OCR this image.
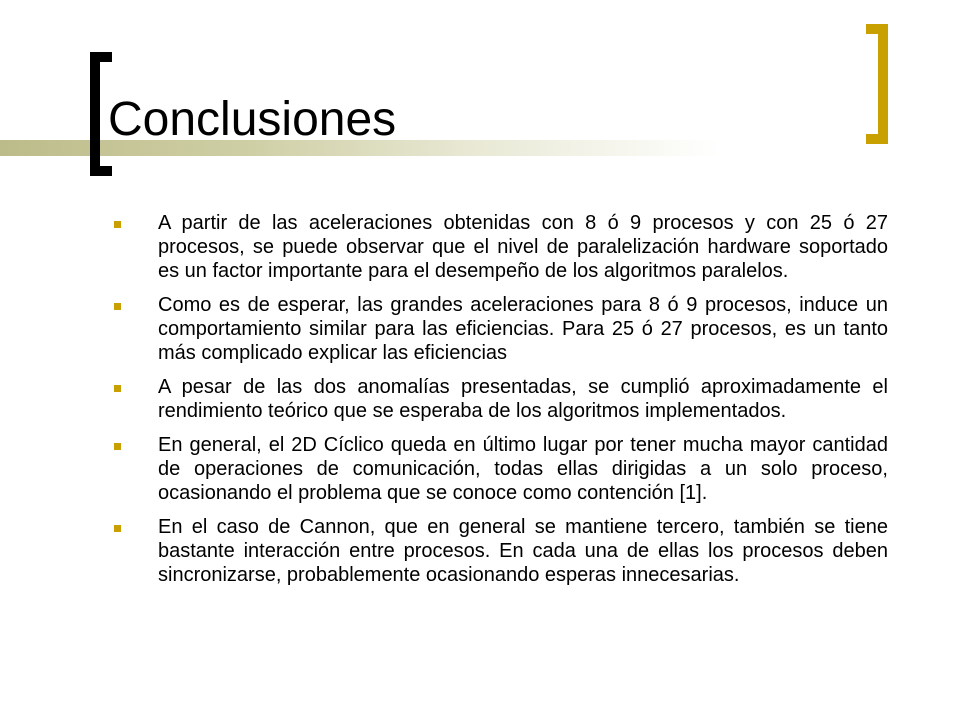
Conclusiones
A partir de las aceleraciones obtenidas con 8 ó 9 procesos y con 25 ó 27 procesos, se puede observar que el nivel de paralelización hardware soportado es un factor importante para el desempeño de los algoritmos paralelos.
Como es de esperar, las grandes aceleraciones para 8 ó 9 procesos, induce un comportamiento similar para las eficiencias. Para 25 ó 27 procesos, es un tanto más complicado explicar las eficiencias
A pesar de las dos anomalías presentadas, se cumplió aproximadamente el rendimiento teórico que se esperaba de los algoritmos implementados.
En general, el 2D Cíclico queda en último lugar por tener mucha mayor cantidad de operaciones de comunicación, todas ellas dirigidas a un solo proceso, ocasionando el problema que se conoce como contención [1].
En el caso de Cannon, que en general se mantiene tercero, también se tiene bastante interacción entre procesos. En cada una de ellas los procesos deben sincronizarse, probablemente ocasionando esperas innecesarias.
